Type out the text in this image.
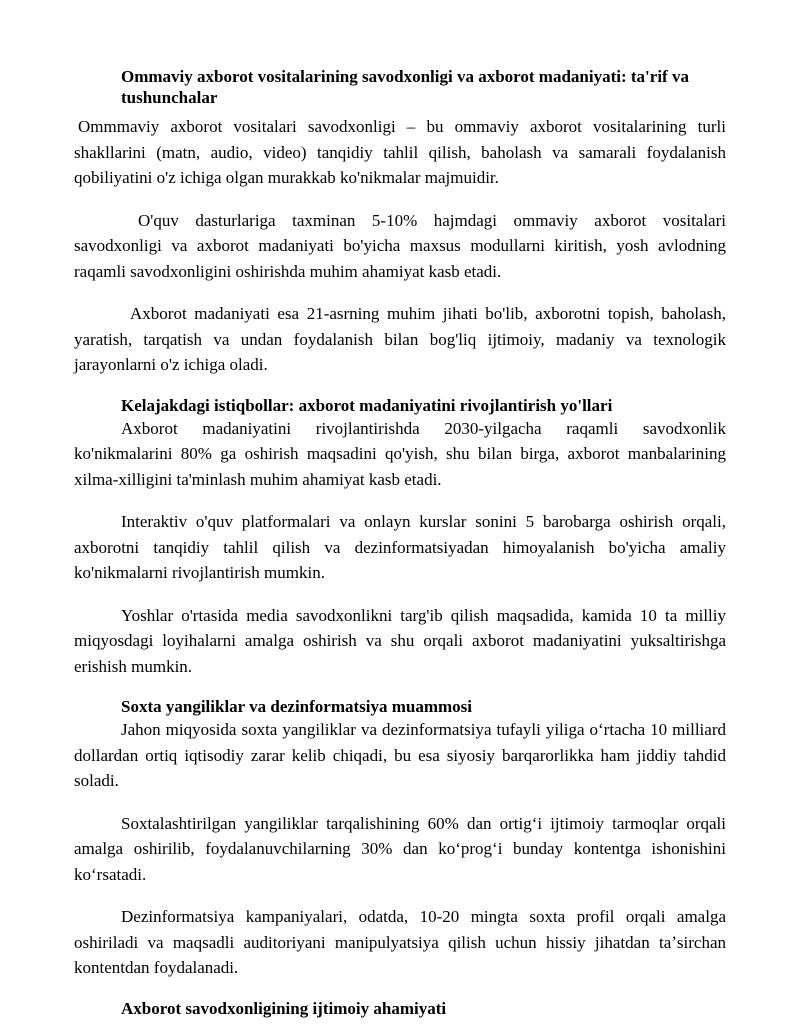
Ommaviy axborot vositalarining savodxonligi va axborot madaniyati: ta'rif va tushunchalar

Ommmaviy axborot vositalari savodxonligi – bu ommaviy axborot vositalarining turli shakllarini (matn, audio, video) tanqidiy tahlil qilish, baholash va samarali foydalanish qobiliyatini o'z ichiga olgan murakkab ko'nikmalar majmuidir.

O'quv dasturlariga taxminan 5-10% hajmdagi ommaviy axborot vositalari savodxonligi va axborot madaniyati bo'yicha maxsus modullarni kiritish, yosh avlodning raqamli savodxonligini oshirishda muhim ahamiyat kasb etadi.

Axborot madaniyati esa 21-asrning muhim jihati bo'lib, axborotni topish, baholash, yaratish, tarqatish va undan foydalanish bilan bog'liq ijtimoiy, madaniy va texnologik jarayonlarni o'z ichiga oladi.

Kelajakdagi istiqbollar: axborot madaniyatini rivojlantirish yo'llari

Axborot madaniyatini rivojlantirishda 2030-yilgacha raqamli savodxonlik ko'nikmalarini 80% ga oshirish maqsadini qo'yish, shu bilan birga, axborot manbalarining xilma-xilligini ta'minlash muhim ahamiyat kasb etadi.

Interaktiv o'quv platformalari va onlayn kurslar sonini 5 barobarga oshirish orqali, axborotni tanqidiy tahlil qilish va dezinformatsiyadan himoyalanish bo'yicha amaliy ko'nikmalarni rivojlantirish mumkin.

Yoshlar o'rtasida media savodxonlikni targ'ib qilish maqsadida, kamida 10 ta milliy miqyosdagi loyihalarni amalga oshirish va shu orqali axborot madaniyatini yuksaltirishga erishish mumkin.

Soxta yangiliklar va dezinformatsiya muammosi

Jahon miqyosida soxta yangiliklar va dezinformatsiya tufayli yiliga oʻrtacha 10 milliard dollardan ortiq iqtisodiy zarar kelib chiqadi, bu esa siyosiy barqarorlikka ham jiddiy tahdid soladi.

Soxtalashtirilgan yangiliklar tarqalishining 60% dan ortigʻi ijtimoiy tarmoqlar orqali amalga oshirilib, foydalanuvchilarning 30% dan koʻprogʻi bunday kontentga ishonishini koʻrsatadi.

Dezinformatsiya kampaniyalari, odatda, 10-20 mingta soxta profil orqali amalga oshiriladi va maqsadli auditoriyani manipulyatsiya qilish uchun hissiy jihatdan taʼsirchan kontentdan foydalanadi.

Axborot savodxonligining ijtimoiy ahamiyati
